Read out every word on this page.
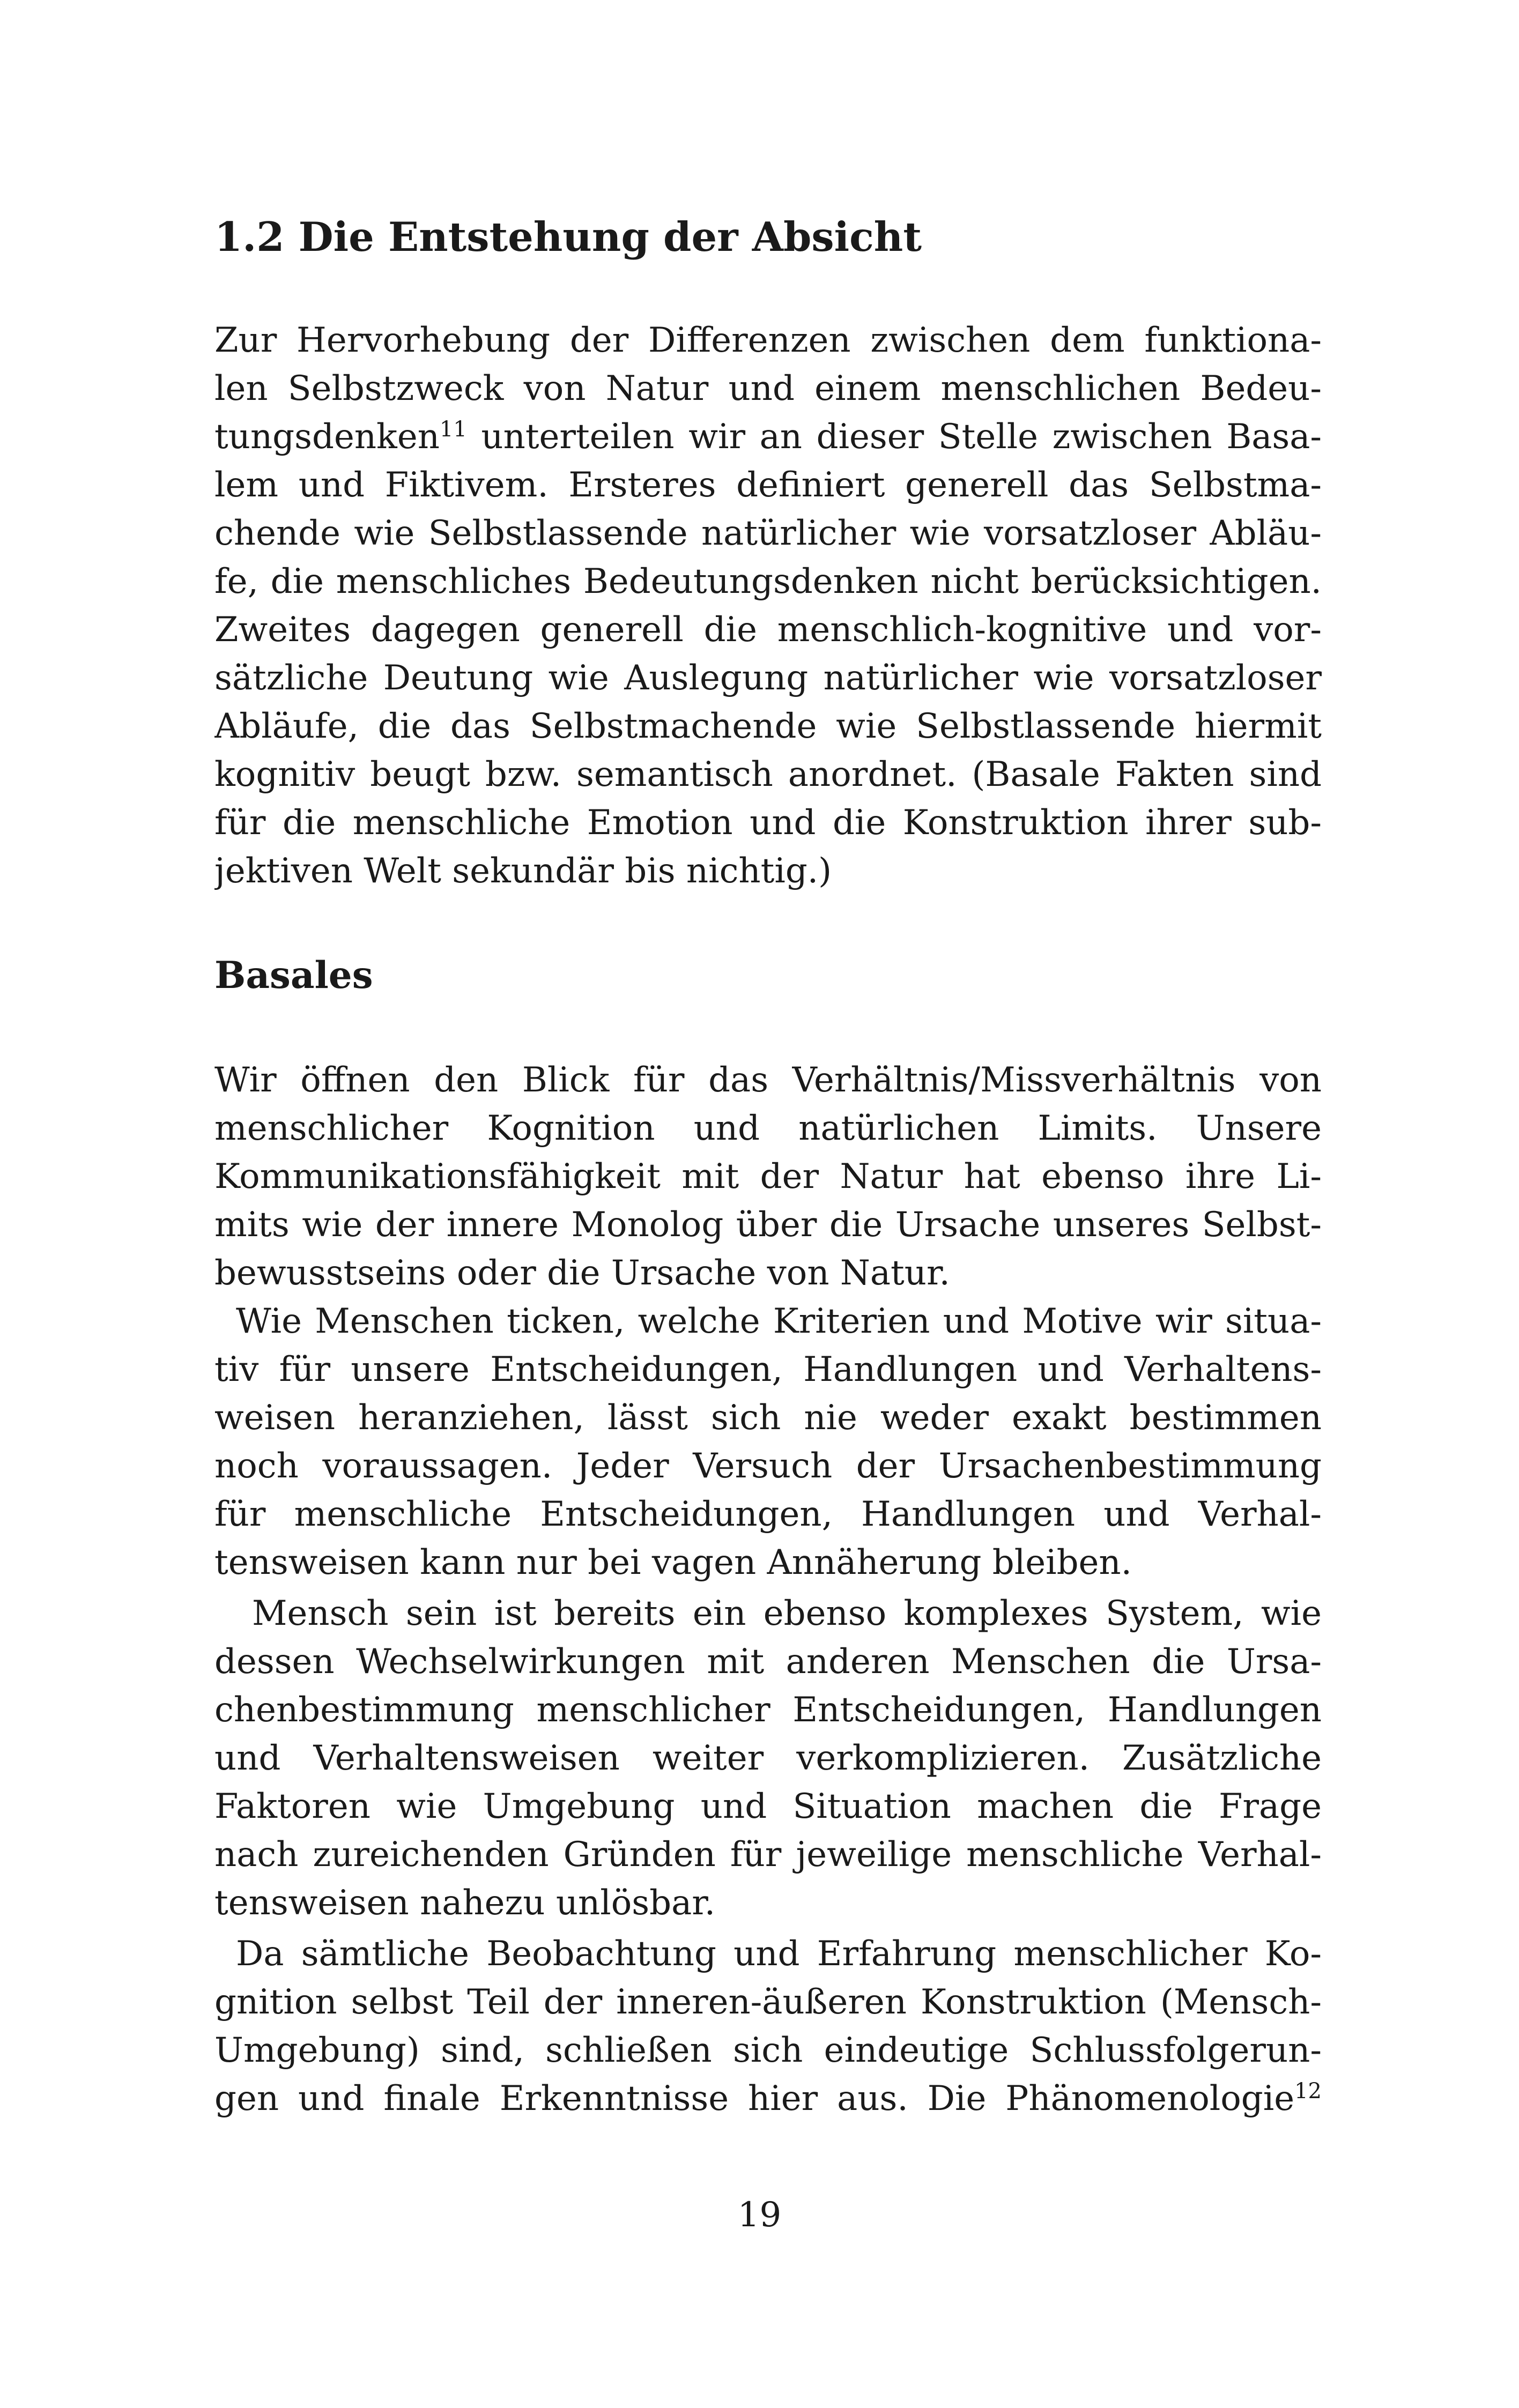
1.2 Die Entstehung der Absicht
Zur Hervorhebung der Differenzen zwischen dem funktiona-
len Selbstzweck von Natur und einem menschlichen Bedeu-
tungsdenken$^{11}$ unterteilen wir an dieser Stelle zwischen Basa-
lem und Fiktivem. Ersteres definiert generell das Selbstma-
chende wie Selbstlassende natürlicher wie vorsatzloser Abläu-
fe, die menschliches Bedeutungsdenken nicht berücksichtigen.
Zweites dagegen generell die menschlich-kognitive und vor-
sätzliche Deutung wie Auslegung natürlicher wie vorsatzloser
Abläufe, die das Selbstmachende wie Selbstlassende hiermit
kognitiv beugt bzw. semantisch anordnet. (Basale Fakten sind
für die menschliche Emotion und die Konstruktion ihrer sub-
jektiven Welt sekundär bis nichtig.)
Basales
Wir öffnen den Blick für das Verhältnis/Missverhältnis von
menschlicher Kognition und natürlichen Limits. Unsere
Kommunikationsfähigkeit mit der Natur hat ebenso ihre Li-
mits wie der innere Monolog über die Ursache unseres Selbst-
bewusstseins oder die Ursache von Natur.
Wie Menschen ticken, welche Kriterien und Motive wir situa-
tiv für unsere Entscheidungen, Handlungen und Verhaltens-
weisen heranziehen, lässt sich nie weder exakt bestimmen
noch voraussagen. Jeder Versuch der Ursachenbestimmung
für menschliche Entscheidungen, Handlungen und Verhal-
tensweisen kann nur bei vagen Annäherung bleiben.
Mensch sein ist bereits ein ebenso komplexes System, wie
dessen Wechselwirkungen mit anderen Menschen die Ursa-
chenbestimmung menschlicher Entscheidungen, Handlungen
und Verhaltensweisen weiter verkomplizieren. Zusätzliche
Faktoren wie Umgebung und Situation machen die Frage
nach zureichenden Gründen für jeweilige menschliche Verhal-
tensweisen nahezu unlösbar.
Da sämtliche Beobachtung und Erfahrung menschlicher Ko-
gnition selbst Teil der inneren-äußeren Konstruktion (Mensch-
Umgebung) sind, schließen sich eindeutige Schlussfolgerun-
gen und finale Erkenntnisse hier aus. Die Phänomenologie$^{12}$
19
